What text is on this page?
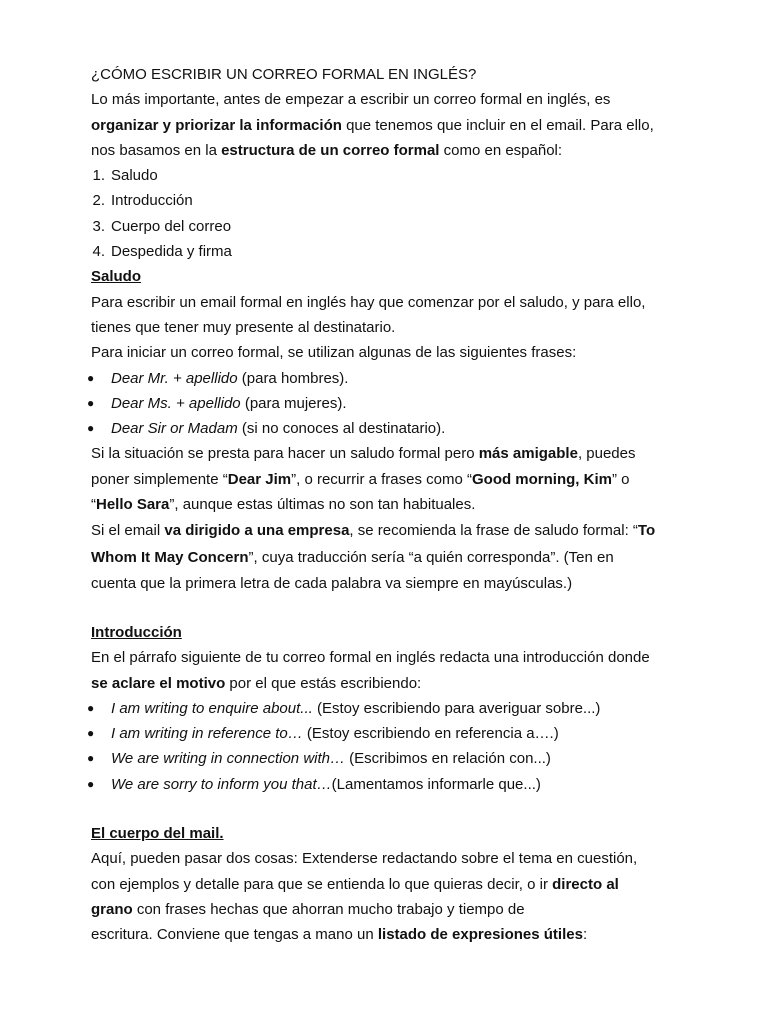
¿CÓMO ESCRIBIR UN CORREO FORMAL EN INGLÉS?
Lo más importante, antes de empezar a escribir un correo formal en inglés, es
organizar y priorizar la información que tenemos que incluir en el email. Para ello,
nos basamos en la estructura de un correo formal como en español:
1. Saludo
2. Introducción
3. Cuerpo del correo
4. Despedida y firma
Saludo
Para escribir un email formal en inglés hay que comenzar por el saludo, y para ello,
tienes que tener muy presente al destinatario.
Para iniciar un correo formal, se utilizan algunas de las siguientes frases:
● Dear Mr. + apellido (para hombres).
● Dear Ms. + apellido (para mujeres).
● Dear Sir or Madam (si no conoces al destinatario).
Si la situación se presta para hacer un saludo formal pero más amigable, puedes
poner simplemente “Dear Jim”, o recurrir a frases como “Good morning, Kim” o
“Hello Sara”, aunque estas últimas no son tan habituales.
Si el email va dirigido a una empresa, se recomienda la frase de saludo formal: “To
Whom It May Concern”, cuya traducción sería “a quién corresponda”. (Ten en
cuenta que la primera letra de cada palabra va siempre en mayúsculas.)
Introducción
En el párrafo siguiente de tu correo formal en inglés redacta una introducción donde
se aclare el motivo por el que estás escribiendo:
● I am writing to enquire about... (Estoy escribiendo para averiguar sobre...)
● I am writing in reference to… (Estoy escribiendo en referencia a….)
● We are writing in connection with… (Escribimos en relación con...)
● We are sorry to inform you that…(Lamentamos informarle que...)
El cuerpo del mail.
Aquí, pueden pasar dos cosas: Extenderse redactando sobre el tema en cuestión,
con ejemplos y detalle para que se entienda lo que quieras decir, o ir directo al
grano con frases hechas que ahorran mucho trabajo y tiempo de
escritura. Conviene que tengas a mano un listado de expresiones útiles:
